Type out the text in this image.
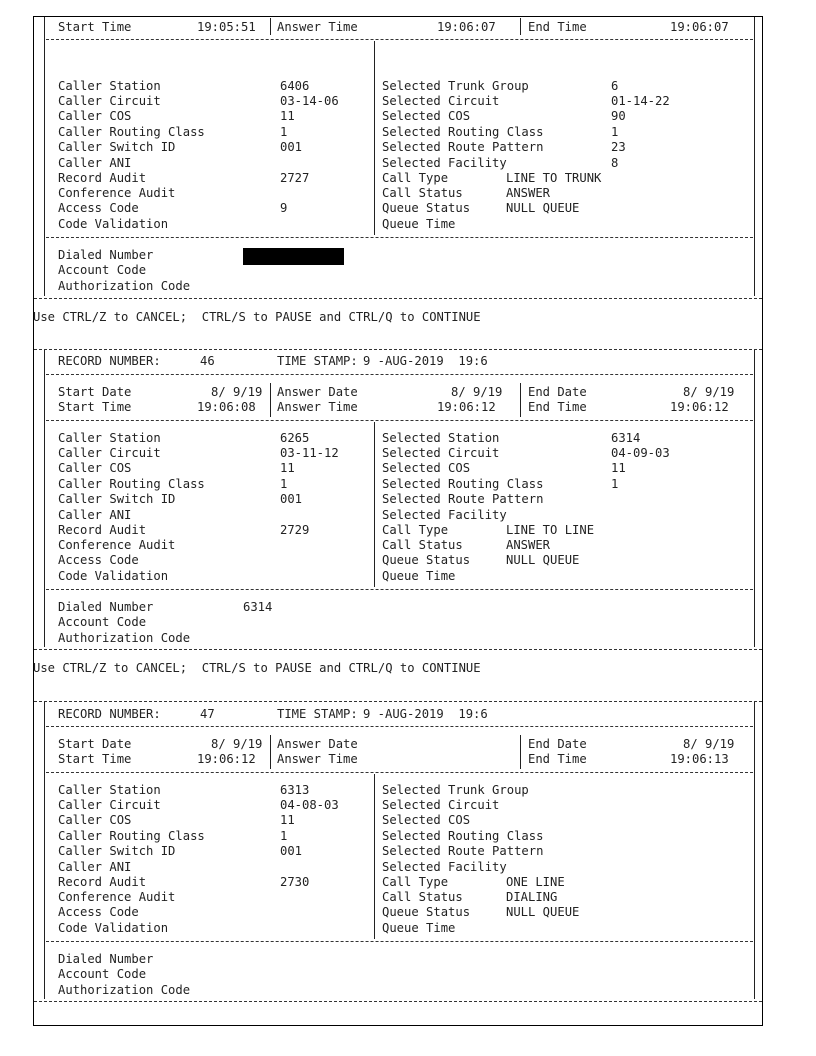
Start Time	19:05:51 Answer Time	19:06:07	End Time	19:06:07
Caller Station	6406
Caller Circuit	03-14-06
Caller COS	11
Caller Routing Class	1
Caller Switch ID	001
Caller ANI
Record Audit	2727
Conference Audit
Access Code	9
Code Validation
Selected Trunk Group	6
Selected Circuit	01-14-22
Selected COS	90
Selected Routing Class	1
Selected Route Pattern	23
Selected Facility	8
Call Type	LINE TO TRUNK
Call Status	ANSWER
Queue Status	NULL QUEUE
Queue Time
Dialed Number
Account Code
Authorization Code
Use CTRL/Z to CANCEL;  CTRL/S to PAUSE and CTRL/Q to CONTINUE
RECORD NUMBER:	46	TIME STAMP: 9 -AUG-2019  19:6
Start Date	8/ 9/19
Start Time	19:06:08
Answer Date	8/ 9/19
Answer Time	19:06:12
End Date	8/ 9/19
End Time	19:06:12
Caller Station	6265
Caller Circuit	03-11-12
Caller COS	11
Caller Routing Class	1
Caller Switch ID	001
Caller ANI
Record Audit	2729
Conference Audit
Access Code
Code Validation
Selected Station	6314
Selected Circuit	04-09-03
Selected COS	11
Selected Routing Class	1
Selected Route Pattern
Selected Facility
Call Type	LINE TO LINE
Call Status	ANSWER
Queue Status	NULL QUEUE
Queue Time
Dialed Number	6314
Account Code
Authorization Code
Use CTRL/Z to CANCEL;  CTRL/S to PAUSE and CTRL/Q to CONTINUE
RECORD NUMBER:	47	TIME STAMP: 9 -AUG-2019  19:6
Start Date	8/ 9/19
Start Time	19:06:12
Answer Date
Answer Time
End Date	8/ 9/19
End Time	19:06:13
Caller Station	6313
Caller Circuit	04-08-03
Caller COS	11
Caller Routing Class	1
Caller Switch ID	001
Caller ANI
Record Audit	2730
Conference Audit
Access Code
Code Validation
Selected Trunk Group
Selected Circuit
Selected COS
Selected Routing Class
Selected Route Pattern
Selected Facility
Call Type	ONE LINE
Call Status	DIALING
Queue Status	NULL QUEUE
Queue Time
Dialed Number
Account Code
Authorization Code
